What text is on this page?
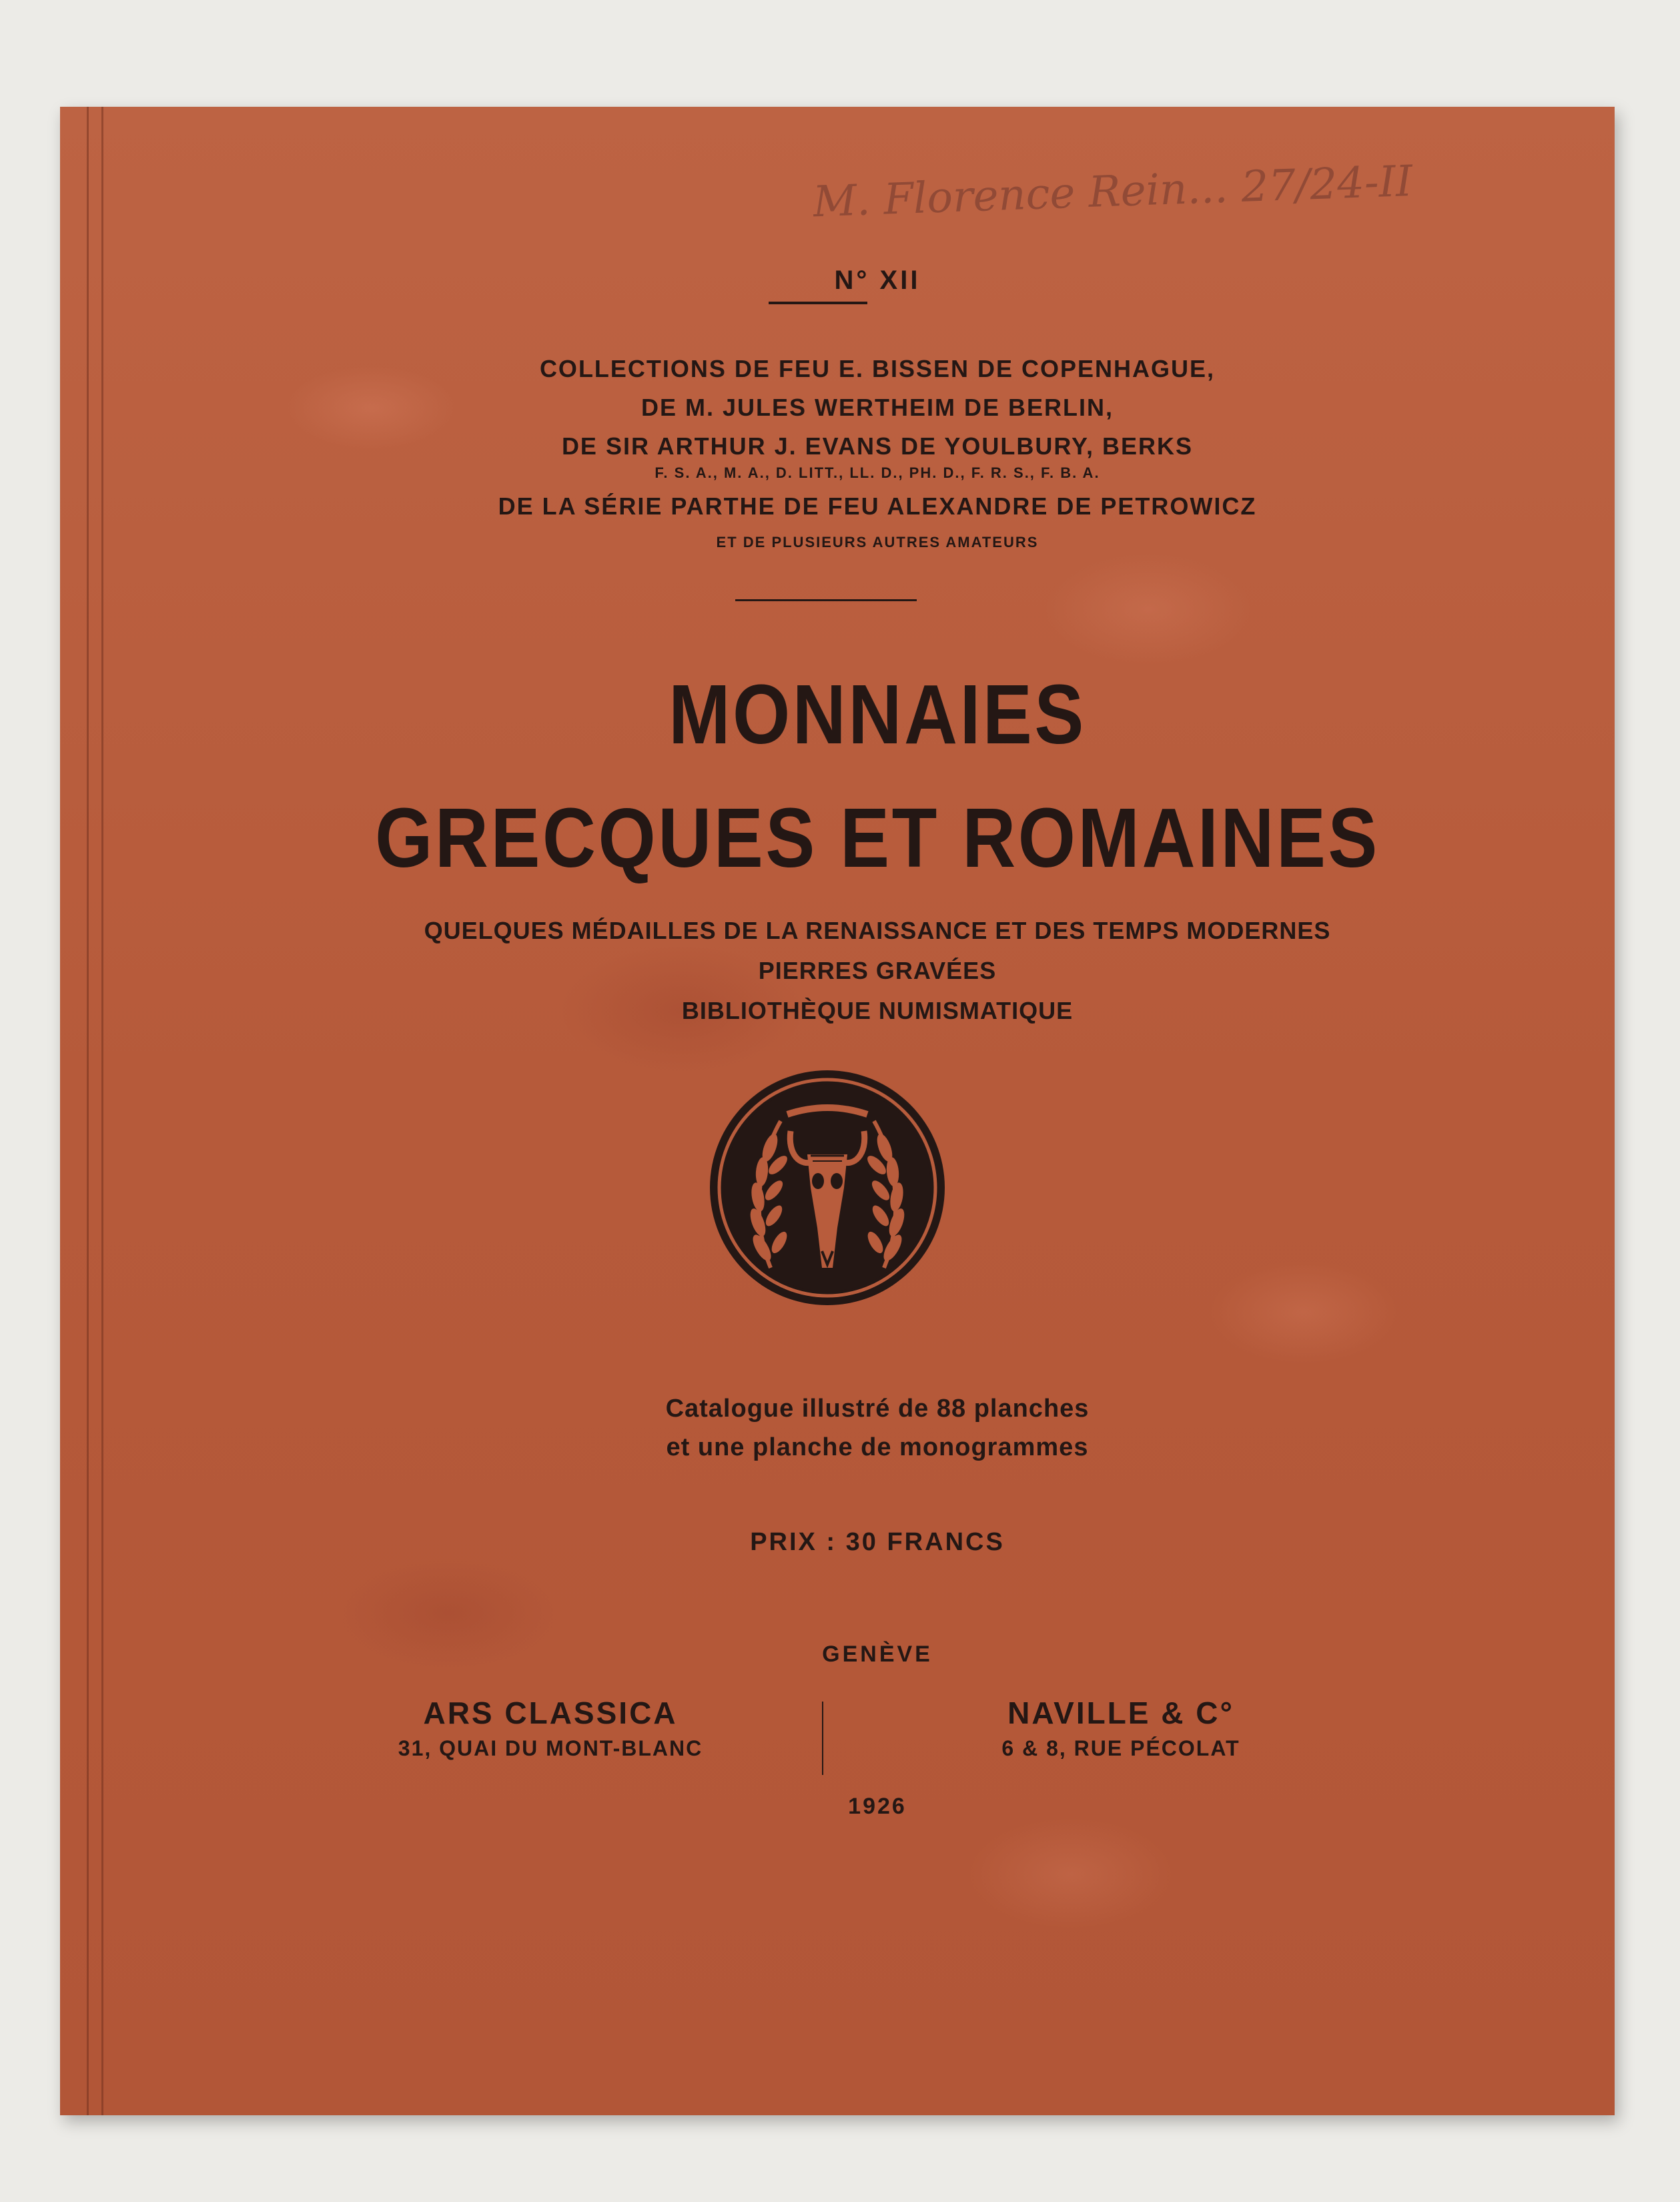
M. Florence Rein... 27/24-II
N° XII
COLLECTIONS DE FEU E. BISSEN DE COPENHAGUE,
DE M. JULES WERTHEIM DE BERLIN,
DE SIR ARTHUR J. EVANS DE YOULBURY, BERKS
F. S. A., M. A., D. LITT., LL. D., PH. D., F. R. S., F. B. A.
DE LA SÉRIE PARTHE DE FEU ALEXANDRE DE PETROWICZ
ET DE PLUSIEURS AUTRES AMATEURS
MONNAIES
GRECQUES ET ROMAINES
QUELQUES MÉDAILLES DE LA RENAISSANCE ET DES TEMPS MODERNES
PIERRES GRAVÉES
BIBLIOTHÈQUE NUMISMATIQUE
Catalogue illustré de 88 planches
et une planche de monogrammes
PRIX : 30 FRANCS
GENÈVE
ARS CLASSICA
31, QUAI DU MONT-BLANC
NAVILLE & C°
6 & 8, RUE PÉCOLAT
1926
